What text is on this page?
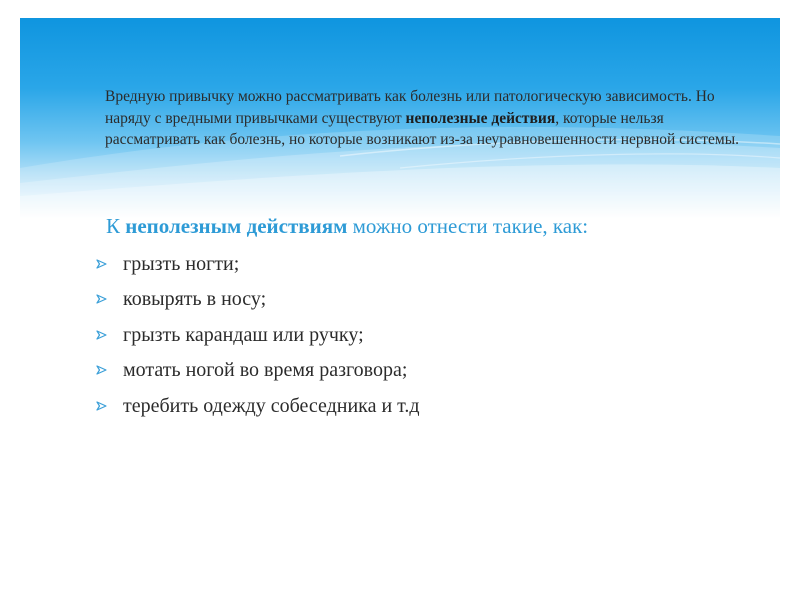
Вредную привычку можно рассматривать как болезнь или патологическую зависимость. Но наряду с вредными привычками существуют неполезные действия, которые нельзя рассматривать как болезнь, но которые возникают из-за неуравновешенности нервной системы.

К неполезным действиям можно отнести такие, как:

грызть ногти;
ковырять в носу;
грызть карандаш или ручку;
мотать ногой во время разговора;
теребить одежду собеседника и т.д
